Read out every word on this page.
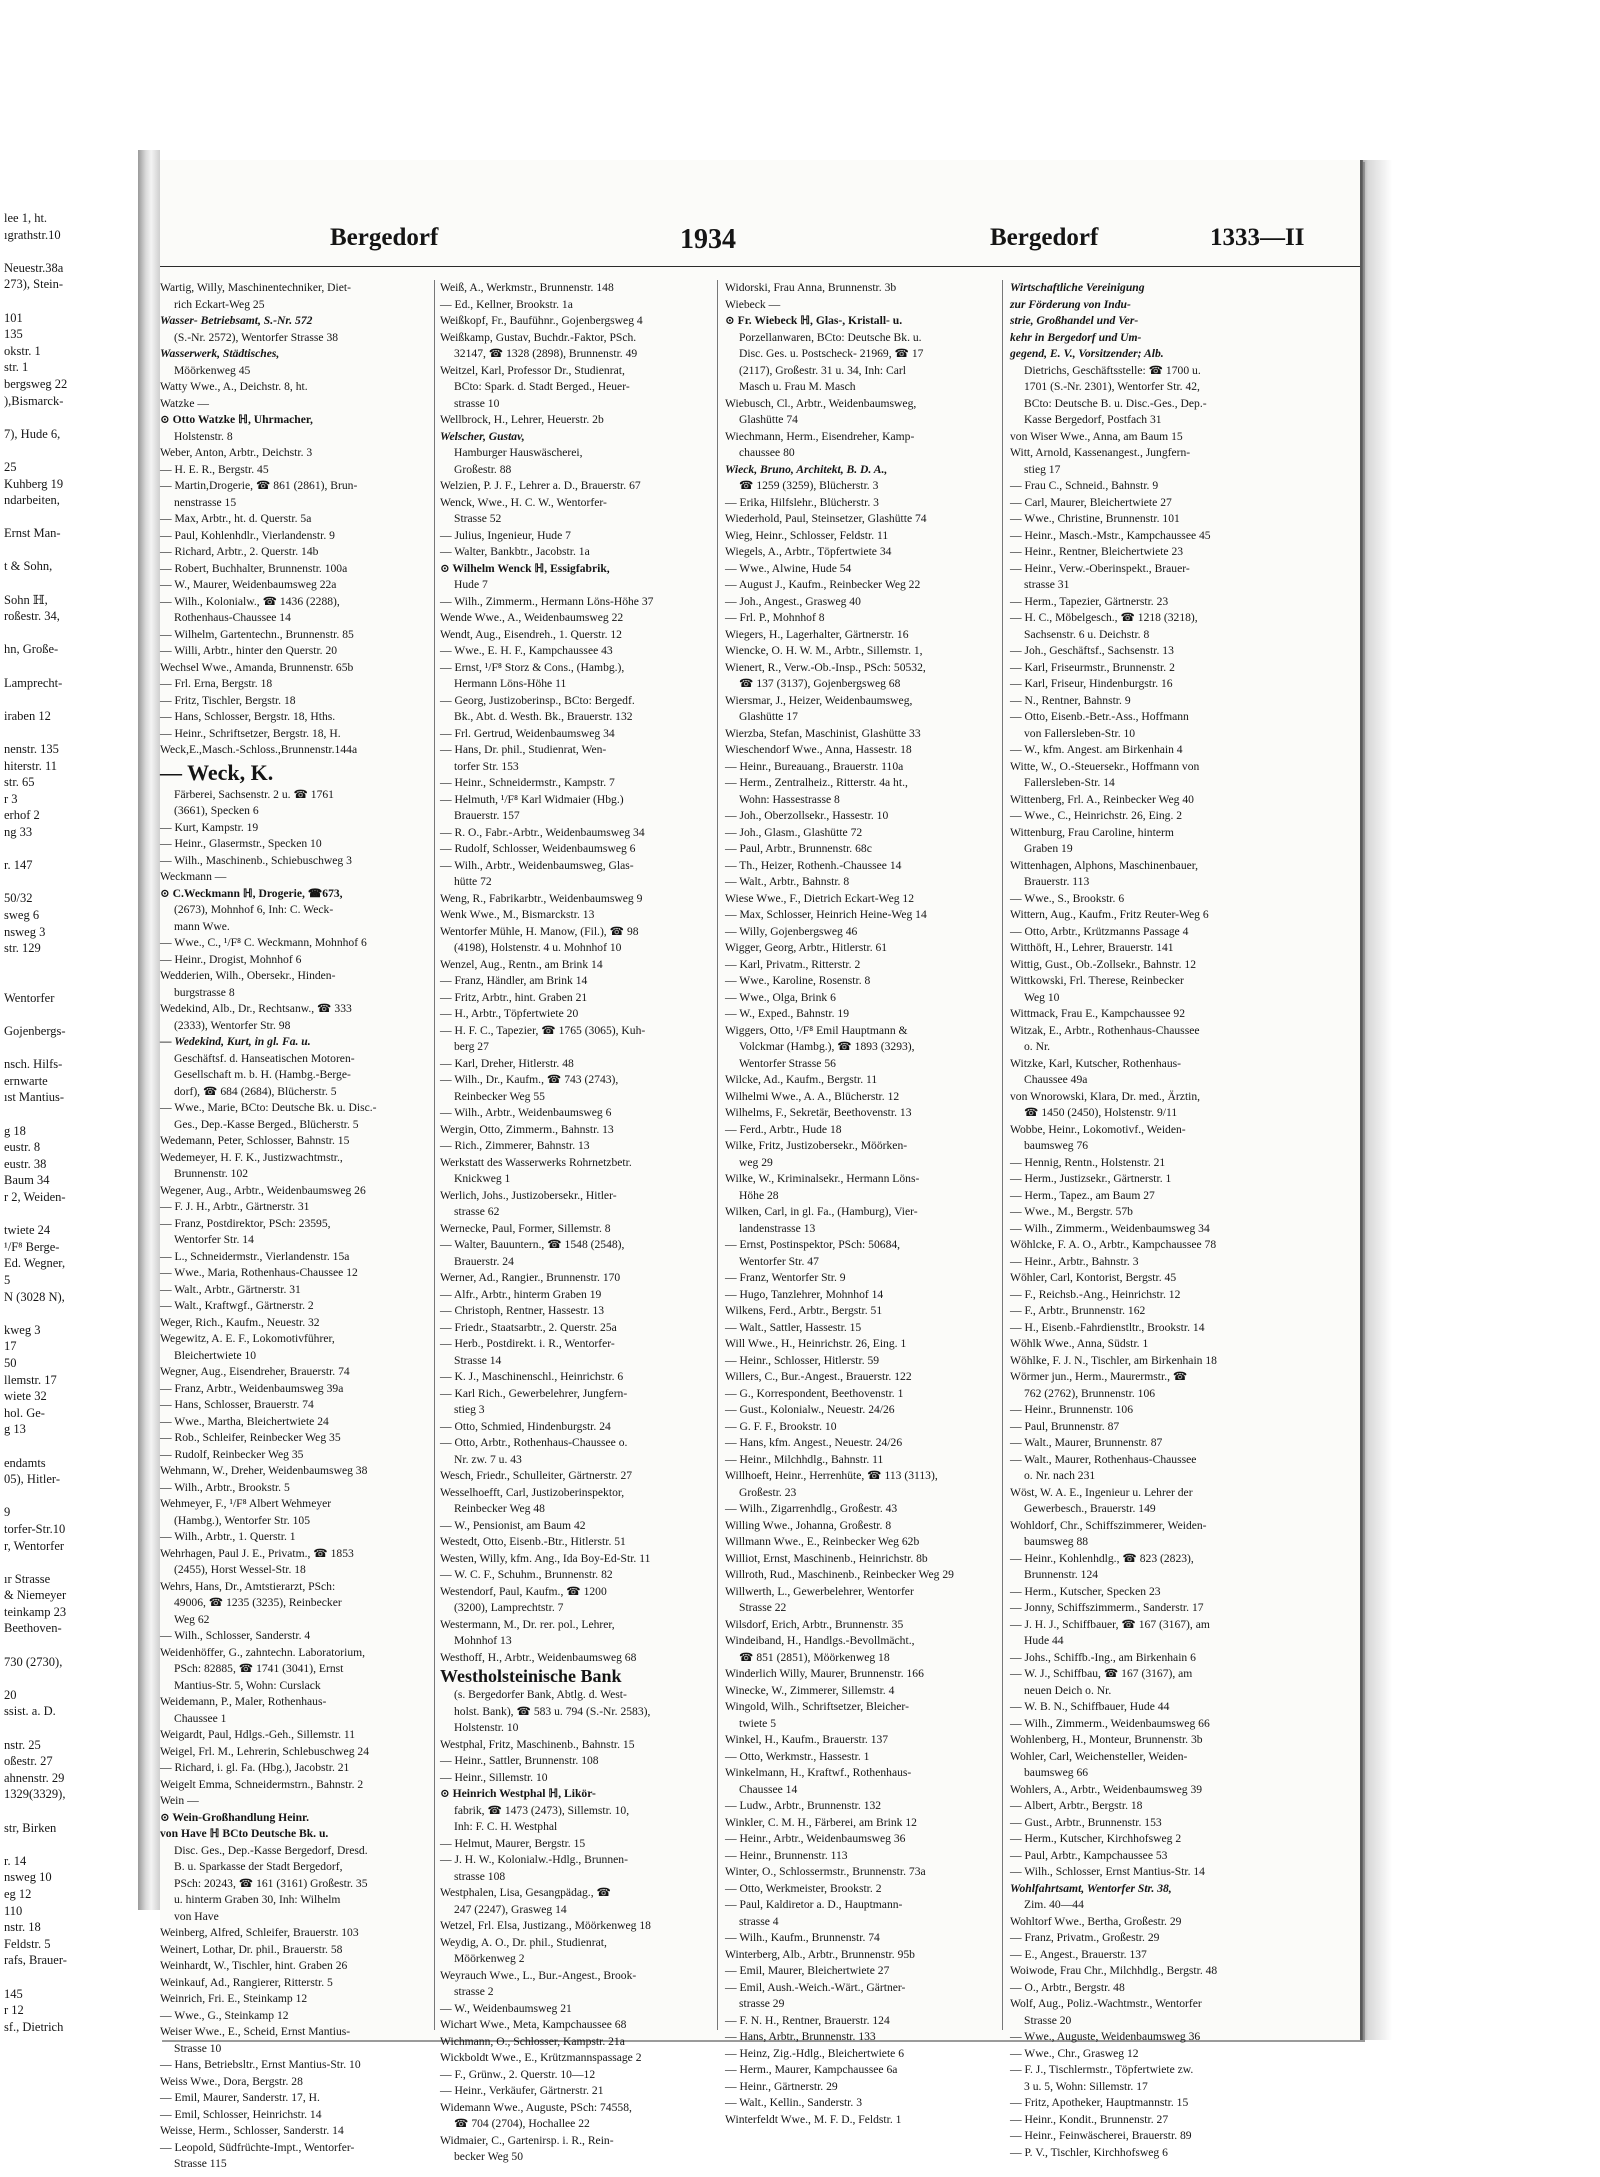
lee 1, ht.
ıgrathstr.10

Neuestr.38a
273), Stein-

101
135
okstr. 1
str. 1
bergsweg 22
),Bismarck-

7), Hude 6,

25
Kuhberg 19
ndarbeiten,

Ernst Man-

t & Sohn,

Sohn ℍ,
roßestr. 34,

hn, Große-

Lamprecht-

iraben 12

nenstr. 135
hiterstr. 11
str. 65
r 3
erhof 2
ng 33

r. 147

50/32
sweg 6
nsweg 3
str. 129

Wentorfer

Gojenbergs-

nsch. Hilfs-
ernwarte
ıst Mantius-

g 18
eustr. 8
eustr. 38
Baum 34
r 2, Weiden-

twiete 24
¹/F⁸ Berge-
Ed. Wegner,
5
N (3028 N),

kweg 3
17
50
llemstr. 17
wiete 32
hol. Ge-
g 13

endamts
05), Hitler-

9
torfer-Str.10
r, Wentorfer

ır Strasse
& Niemeyer
teinkamp 23
Beethoven-

730 (2730),

20
ssist. a. D.

nstr. 25
oßestr. 27
ahnenstr. 29
1329(3329),

str, Birken

r. 14
nsweg 10
eg 12
110
nstr. 18
Feldstr. 5
rafs, Brauer-

145
r 12
sf., Dietrich
Bergedorf	1934	Bergedorf	1333—II
Wartig, Willy, Maschinentechniker, Diet-
rich Eckart-Weg 25
Wasser- Betriebsamt, S.-Nr. 572
(S.-Nr. 2572), Wentorfer Strasse 38
Wasserwerk, Städtisches,
Möörkenweg 45
Watty Wwe., A., Deichstr. 8, ht.
Watzke —
⊙ Otto Watzke ℍ, Uhrmacher,
Holstenstr. 8
Weber, Anton, Arbtr., Deichstr. 3
— H. E. R., Bergstr. 45
— Martin,Drogerie, ☎ 861 (2861), Brun-
nenstrasse 15
— Max, Arbtr., ht. d. Querstr. 5a
— Paul, Kohlenhdlr., Vierlandenstr. 9
— Richard, Arbtr., 2. Querstr. 14b
— Robert, Buchhalter, Brunnenstr. 100a
— W., Maurer, Weidenbaumsweg 22a
— Wilh., Kolonialw., ☎ 1436 (2288),
Rothenhaus-Chaussee 14
— Wilhelm, Gartentechn., Brunnenstr. 85
— Willi, Arbtr., hinter den Querstr. 20
Wechsel Wwe., Amanda, Brunnenstr. 65b
— Frl. Erna, Bergstr. 18
— Fritz, Tischler, Bergstr. 18
— Hans, Schlosser, Bergstr. 18, Hths.
— Heinr., Schriftsetzer, Bergstr. 18, H.
Weck,E.,Masch.-Schloss.,Brunnenstr.144a
— Weck, K.
Färberei, Sachsenstr. 2 u. ☎ 1761
(3661), Specken 6
— Kurt, Kampstr. 19
— Heinr., Glasermstr., Specken 10
— Wilh., Maschinenb., Schiebuschweg 3
Weckmann —
⊙ C.Weckmann ℍ, Drogerie, ☎673,
(2673), Mohnhof 6, Inh: C. Weck-
mann Wwe.
— Wwe., C., ¹/F⁸ C. Weckmann, Mohnhof 6
— Heinr., Drogist, Mohnhof 6
Wedderien, Wilh., Obersekr., Hinden-
burgstrasse 8
Wedekind, Alb., Dr., Rechtsanw., ☎ 333
(2333), Wentorfer Str. 98
— Wedekind, Kurt, in gl. Fa. u.
Geschäftsf. d. Hanseatischen Motoren-
Gesellschaft m. b. H. (Hambg.-Berge-
dorf), ☎ 684 (2684), Blücherstr. 5
— Wwe., Marie, BCto: Deutsche Bk. u. Disc.-
Ges., Dep.-Kasse Berged., Blücherstr. 5
Wedemann, Peter, Schlosser, Bahnstr. 15
Wedemeyer, H. F. K., Justizwachtmstr.,
Brunnenstr. 102
Wegener, Aug., Arbtr., Weidenbaumsweg 26
— F. J. H., Arbtr., Gärtnerstr. 31
— Franz, Postdirektor, PSch: 23595,
Wentorfer Str. 14
— L., Schneidermstr., Vierlandenstr. 15a
— Wwe., Maria, Rothenhaus-Chaussee 12
— Walt., Arbtr., Gärtnerstr. 31
— Walt., Kraftwgf., Gärtnerstr. 2
Weger, Rich., Kaufm., Neuestr. 32
Wegewitz, A. E. F., Lokomotivführer,
Bleichertwiete 10
Wegner, Aug., Eisendreher, Brauerstr. 74
— Franz, Arbtr., Weidenbaumsweg 39a
— Hans, Schlosser, Brauerstr. 74
— Wwe., Martha, Bleichertwiete 24
— Rob., Schleifer, Reinbecker Weg 35
— Rudolf, Reinbecker Weg 35
Wehmann, W., Dreher, Weidenbaumsweg 38
— Wilh., Arbtr., Brookstr. 5
Wehmeyer, F., ¹/F⁸ Albert Wehmeyer
(Hambg.), Wentorfer Str. 105
— Wilh., Arbtr., 1. Querstr. 1
Wehrhagen, Paul J. E., Privatm., ☎ 1853
(2455), Horst Wessel-Str. 18
Wehrs, Hans, Dr., Amtstierarzt, PSch:
49006, ☎ 1235 (3235), Reinbecker
Weg 62
— Wilh., Schlosser, Sanderstr. 4
Weidenhöffer, G., zahntechn. Laboratorium,
PSch: 82885, ☎ 1741 (3041), Ernst
Mantius-Str. 5, Wohn: Curslack
Weidemann, P., Maler, Rothenhaus-
Chaussee 1
Weigardt, Paul, Hdlgs.-Geh., Sillemstr. 11
Weigel, Frl. M., Lehrerin, Schlebuschweg 24
— Richard, i. gl. Fa. (Hbg.), Jacobstr. 21
Weigelt Emma, Schneidermstrn., Bahnstr. 2
Wein —
⊙ Wein-Großhandlung Heinr.
von Have ℍ BCto Deutsche Bk. u.
Disc. Ges., Dep.-Kasse Bergedorf, Dresd.
B. u. Sparkasse der Stadt Bergedorf,
PSch: 20243, ☎ 161 (3161) Großestr. 35
u. hinterm Graben 30, Inh: Wilhelm
von Have
Weinberg, Alfred, Schleifer, Brauerstr. 103
Weinert, Lothar, Dr. phil., Brauerstr. 58
Weinhardt, W., Tischler, hint. Graben 26
Weinkauf, Ad., Rangierer, Ritterstr. 5
Weinrich, Fri. E., Steinkamp 12
— Wwe., G., Steinkamp 12
Weiser Wwe., E., Scheid, Ernst Mantius-
Strasse 10
— Hans, Betriebsltr., Ernst Mantius-Str. 10
Weiss Wwe., Dora, Bergstr. 28
— Emil, Maurer, Sanderstr. 17, H.
— Emil, Schlosser, Heinrichstr. 14
Weisse, Herm., Schlosser, Sanderstr. 14
— Leopold, Südfrüchte-Impt., Wentorfer-
Strasse 115
Weiß, A., Werkmstr., Brunnenstr. 148
— Ed., Kellner, Brookstr. 1a
Weißkopf, Fr., Baufühnr., Gojenbergsweg 4
Weißkamp, Gustav, Buchdr.-Faktor, PSch.
32147, ☎ 1328 (2898), Brunnenstr. 49
Weitzel, Karl, Professor Dr., Studienrat,
BCto: Spark. d. Stadt Berged., Heuer-
strasse 10
Wellbrock, H., Lehrer, Heuerstr. 2b
Welscher, Gustav,
Hamburger Hauswäscherei,
Großestr. 88
Welzien, P. J. F., Lehrer a. D., Brauerstr. 67
Wenck, Wwe., H. C. W., Wentorfer-
Strasse 52
— Julius, Ingenieur, Hude 7
— Walter, Bankbtr., Jacobstr. 1a
⊙ Wilhelm Wenck ℍ, Essigfabrik,
Hude 7
— Wilh., Zimmerm., Hermann Löns-Höhe 37
Wende Wwe., A., Weidenbaumsweg 22
Wendt, Aug., Eisendreh., 1. Querstr. 12
— Wwe., E. H. F., Kampchaussee 43
— Ernst, ¹/F⁸ Storz & Cons., (Hambg.),
Hermann Löns-Höhe 11
— Georg, Justizoberinsp., BCto: Bergedf.
Bk., Abt. d. Westh. Bk., Brauerstr. 132
— Frl. Gertrud, Weidenbaumsweg 34
— Hans, Dr. phil., Studienrat, Wen-
torfer Str. 153
— Heinr., Schneidermstr., Kampstr. 7
— Helmuth, ¹/F⁸ Karl Widmaier (Hbg.)
Brauerstr. 157
— R. O., Fabr.-Arbtr., Weidenbaumsweg 34
— Rudolf, Schlosser, Weidenbaumsweg 6
— Wilh., Arbtr., Weidenbaumsweg, Glas-
hütte 72
Weng, R., Fabrikarbtr., Weidenbaumsweg 9
Wenk Wwe., M., Bismarckstr. 13
Wentorfer Mühle, H. Manow, (Fil.), ☎ 98
(4198), Holstenstr. 4 u. Mohnhof 10
Wenzel, Aug., Rentn., am Brink 14
— Franz, Händler, am Brink 14
— Fritz, Arbtr., hint. Graben 21
— H., Arbtr., Töpfertwiete 20
— H. F. C., Tapezier, ☎ 1765 (3065), Kuh-
berg 27
— Karl, Dreher, Hitlerstr. 48
— Wilh., Dr., Kaufm., ☎ 743 (2743),
Reinbecker Weg 55
— Wilh., Arbtr., Weidenbaumsweg 6
Wergin, Otto, Zimmerm., Bahnstr. 13
— Rich., Zimmerer, Bahnstr. 13
Werkstatt des Wasserwerks Rohrnetzbetr.
Knickweg 1
Werlich, Johs., Justizobersekr., Hitler-
strasse 62
Wernecke, Paul, Former, Sillemstr. 8
— Walter, Bauuntern., ☎ 1548 (2548),
Brauerstr. 24
Werner, Ad., Rangier., Brunnenstr. 170
— Alfr., Arbtr., hinterm Graben 19
— Christoph, Rentner, Hassestr. 13
— Friedr., Staatsarbtr., 2. Querstr. 25a
— Herb., Postdirekt. i. R., Wentorfer-
Strasse 14
— K. J., Maschinenschl., Heinrichstr. 6
— Karl Rich., Gewerbelehrer, Jungfern-
stieg 3
— Otto, Schmied, Hindenburgstr. 24
— Otto, Arbtr., Rothenhaus-Chaussee o.
Nr. zw. 7 u. 43
Wesch, Friedr., Schulleiter, Gärtnerstr. 27
Wesselhoefft, Carl, Justizoberinspektor,
Reinbecker Weg 48
— W., Pensionist, am Baum 42
Westedt, Otto, Eisenb.-Btr., Hitlerstr. 51
Westen, Willy, kfm. Ang., Ida Boy-Ed-Str. 11
— W. C. F., Schuhm., Brunnenstr. 82
Westendorf, Paul, Kaufm., ☎ 1200
(3200), Lamprechtstr. 7
Westermann, M., Dr. rer. pol., Lehrer,
Mohnhof 13
Westhoff, H., Arbtr., Weidenbaumsweg 68
Westholsteinische Bank
(s. Bergedorfer Bank, Abtlg. d. West-
holst. Bank), ☎ 583 u. 794 (S.-Nr. 2583),
Holstenstr. 10
Westphal, Fritz, Maschinenb., Bahnstr. 15
— Heinr., Sattler, Brunnenstr. 108
— Heinr., Sillemstr. 10
⊙ Heinrich Westphal ℍ, Likör-
fabrik, ☎ 1473 (2473), Sillemstr. 10,
Inh: F. C. H. Westphal
— Helmut, Maurer, Bergstr. 15
— J. H. W., Kolonialw.-Hdlg., Brunnen-
strasse 108
Westphalen, Lisa, Gesangpädag., ☎
247 (2247), Grasweg 14
Wetzel, Frl. Elsa, Justizang., Möörkenweg 18
Weydig, A. O., Dr. phil., Studienrat,
Möörkenweg 2
Weyrauch Wwe., L., Bur.-Angest., Brook-
strasse 2
— W., Weidenbaumsweg 21
Wichart Wwe., Meta, Kampchaussee 68
Wichmann, O., Schlosser, Kampstr. 21a
Wickboldt Wwe., E., Krützmannspassage 2
— F., Grünw., 2. Querstr. 10—12
— Heinr., Verkäufer, Gärtnerstr. 21
Widemann Wwe., Auguste, PSch: 74558,
☎ 704 (2704), Hochallee 22
Widmaier, C., Gartenirsp. i. R., Rein-
becker Weg 50
Widorski, Frau Anna, Brunnenstr. 3b
Wiebeck —
⊙ Fr. Wiebeck ℍ, Glas-, Kristall- u.
Porzellanwaren, BCto: Deutsche Bk. u.
Disc. Ges. u. Postscheck- 21969, ☎ 17
(2117), Großestr. 31 u. 34, Inh: Carl
Masch u. Frau M. Masch
Wiebusch, Cl., Arbtr., Weidenbaumsweg,
Glashütte 74
Wiechmann, Herm., Eisendreher, Kamp-
chaussee 80
Wieck, Bruno, Architekt, B. D. A.,
☎ 1259 (3259), Blücherstr. 3
— Erika, Hilfslehr., Blücherstr. 3
Wiederhold, Paul, Steinsetzer, Glashütte 74
Wieg, Heinr., Schlosser, Feldstr. 11
Wiegels, A., Arbtr., Töpfertwiete 34
— Wwe., Alwine, Hude 54
— August J., Kaufm., Reinbecker Weg 22
— Joh., Angest., Grasweg 40
— Frl. P., Mohnhof 8
Wiegers, H., Lagerhalter, Gärtnerstr. 16
Wiencke, O. H. W. M., Arbtr., Sillemstr. 1,
Wienert, R., Verw.-Ob.-Insp., PSch: 50532,
☎ 137 (3137), Gojenbergsweg 68
Wiersmar, J., Heizer, Weidenbaumsweg,
Glashütte 17
Wierzba, Stefan, Maschinist, Glashütte 33
Wieschendorf Wwe., Anna, Hassestr. 18
— Heinr., Bureauang., Brauerstr. 110a
— Herm., Zentralheiz., Ritterstr. 4a ht.,
Wohn: Hassestrasse 8
— Joh., Oberzollsekr., Hassestr. 10
— Joh., Glasm., Glashütte 72
— Paul, Arbtr., Brunnenstr. 68c
— Th., Heizer, Rothenh.-Chaussee 14
— Walt., Arbtr., Bahnstr. 8
Wiese Wwe., F., Dietrich Eckart-Weg 12
— Max, Schlosser, Heinrich Heine-Weg 14
— Willy, Gojenbergsweg 46
Wigger, Georg, Arbtr., Hitlerstr. 61
— Karl, Privatm., Ritterstr. 2
— Wwe., Karoline, Rosenstr. 8
— Wwe., Olga, Brink 6
— W., Exped., Bahnstr. 19
Wiggers, Otto, ¹/F⁸ Emil Hauptmann &
Volckmar (Hambg.), ☎ 1893 (3293),
Wentorfer Strasse 56
Wilcke, Ad., Kaufm., Bergstr. 11
Wilhelmi Wwe., A. A., Blücherstr. 12
Wilhelms, F., Sekretär, Beethovenstr. 13
— Ferd., Arbtr., Hude 18
Wilke, Fritz, Justizobersekr., Möörken-
weg 29
Wilke, W., Kriminalsekr., Hermann Löns-
Höhe 28
Wilken, Carl, in gl. Fa., (Hamburg), Vier-
landenstrasse 13
— Ernst, Postinspektor, PSch: 50684,
Wentorfer Str. 47
— Franz, Wentorfer Str. 9
— Hugo, Tanzlehrer, Mohnhof 14
Wilkens, Ferd., Arbtr., Bergstr. 51
— Walt., Sattler, Hassestr. 15
Will Wwe., H., Heinrichstr. 26, Eing. 1
— Heinr., Schlosser, Hitlerstr. 59
Willers, C., Bur.-Angest., Brauerstr. 122
— G., Korrespondent, Beethovenstr. 1
— Gust., Kolonialw., Neuestr. 24/26
— G. F. F., Brookstr. 10
— Hans, kfm. Angest., Neuestr. 24/26
— Heinr., Milchhdlg., Bahnstr. 11
Willhoeft, Heinr., Herrenhüte, ☎ 113 (3113),
Großestr. 23
— Wilh., Zigarrenhdlg., Großestr. 43
Willing Wwe., Johanna, Großestr. 8
Willmann Wwe., E., Reinbecker Weg 62b
Williot, Ernst, Maschinenb., Heinrichstr. 8b
Willroth, Rud., Maschinenb., Reinbecker Weg 29
Willwerth, L., Gewerbelehrer, Wentorfer
Strasse 22
Wilsdorf, Erich, Arbtr., Brunnenstr. 35
Windeiband, H., Handlgs.-Bevollmächt.,
☎ 851 (2851), Möörkenweg 18
Winderlich Willy, Maurer, Brunnenstr. 166
Winecke, W., Zimmerer, Sillemstr. 4
Wingold, Wilh., Schriftsetzer, Bleicher-
twiete 5
Winkel, H., Kaufm., Brauerstr. 137
— Otto, Werkmstr., Hassestr. 1
Winkelmann, H., Kraftwf., Rothenhaus-
Chaussee 14
— Ludw., Arbtr., Brunnenstr. 132
Winkler, C. M. H., Färberei, am Brink 12
— Heinr., Arbtr., Weidenbaumsweg 36
— Heinr., Brunnenstr. 113
Winter, O., Schlossermstr., Brunnenstr. 73a
— Otto, Werkmeister, Brookstr. 2
— Paul, Kaldiretor a. D., Hauptmann-
strasse 4
— Wilh., Kaufm., Brunnenstr. 74
Winterberg, Alb., Arbtr., Brunnenstr. 95b
— Emil, Maurer, Bleichertwiete 27
— Emil, Aush.-Weich.-Wärt., Gärtner-
strasse 29
— F. N. H., Rentner, Brauerstr. 124
— Hans, Arbtr., Brunnenstr. 133
— Heinz, Zig.-Hdlg., Bleichertwiete 6
— Herm., Maurer, Kampchaussee 6a
— Heinr., Gärtnerstr. 29
— Walt., Kellin., Sanderstr. 3
Winterfeldt Wwe., M. F. D., Feldstr. 1
Wirtschaftliche Vereinigung
zur Förderung von Indu-
strie, Großhandel und Ver-
kehr in Bergedorf und Um-
gegend, E. V., Vorsitzender; Alb.
Dietrichs, Geschäftsstelle: ☎ 1700 u.
1701 (S.-Nr. 2301), Wentorfer Str. 42,
BCto: Deutsche B. u. Disc.-Ges., Dep.-
Kasse Bergedorf, Postfach 31
von Wiser Wwe., Anna, am Baum 15
Witt, Arnold, Kassenangest., Jungfern-
stieg 17
— Frau C., Schneid., Bahnstr. 9
— Carl, Maurer, Bleichertwiete 27
— Wwe., Christine, Brunnenstr. 101
— Heinr., Masch.-Mstr., Kampchaussee 45
— Heinr., Rentner, Bleichertwiete 23
— Heinr., Verw.-Oberinspekt., Brauer-
strasse 31
— Herm., Tapezier, Gärtnerstr. 23
— H. C., Möbelgesch., ☎ 1218 (3218),
Sachsenstr. 6 u. Deichstr. 8
— Joh., Geschäftsf., Sachsenstr. 13
— Karl, Friseurmstr., Brunnenstr. 2
— Karl, Friseur, Hindenburgstr. 16
— N., Rentner, Bahnstr. 9
— Otto, Eisenb.-Betr.-Ass., Hoffmann
von Fallersleben-Str. 10
— W., kfm. Angest. am Birkenhain 4
Witte, W., O.-Steuersekr., Hoffmann von
Fallersleben-Str. 14
Wittenberg, Frl. A., Reinbecker Weg 40
— Wwe., C., Heinrichstr. 26, Eing. 2
Wittenburg, Frau Caroline, hinterm
Graben 19
Wittenhagen, Alphons, Maschinenbauer,
Brauerstr. 113
— Wwe., S., Brookstr. 6
Wittern, Aug., Kaufm., Fritz Reuter-Weg 6
— Otto, Arbtr., Krützmanns Passage 4
Witthöft, H., Lehrer, Brauerstr. 141
Wittig, Gust., Ob.-Zollsekr., Bahnstr. 12
Wittkowski, Frl. Therese, Reinbecker
Weg 10
Wittmack, Frau E., Kampchaussee 92
Witzak, E., Arbtr., Rothenhaus-Chaussee
o. Nr.
Witzke, Karl, Kutscher, Rothenhaus-
Chaussee 49a
von Wnorowski, Klara, Dr. med., Ärztin,
☎ 1450 (2450), Holstenstr. 9/11
Wobbe, Heinr., Lokomotivf., Weiden-
baumsweg 76
— Hennig, Rentn., Holstenstr. 21
— Herm., Justizsekr., Gärtnerstr. 1
— Herm., Tapez., am Baum 27
— Wwe., M., Bergstr. 57b
— Wilh., Zimmerm., Weidenbaumsweg 34
Wöhlcke, F. A. O., Arbtr., Kampchaussee 78
— Heinr., Arbtr., Bahnstr. 3
Wöhler, Carl, Kontorist, Bergstr. 45
— F., Reichsb.-Ang., Heinrichstr. 12
— F., Arbtr., Brunnenstr. 162
— H., Eisenb.-Fahrdienstltr., Brookstr. 14
Wöhlk Wwe., Anna, Südstr. 1
Wöhlke, F. J. N., Tischler, am Birkenhain 18
Wörmer jun., Herm., Maurermstr., ☎
762 (2762), Brunnenstr. 106
— Heinr., Brunnenstr. 106
— Paul, Brunnenstr. 87
— Walt., Maurer, Brunnenstr. 87
— Walt., Maurer, Rothenhaus-Chaussee
o. Nr. nach 231
Wöst, W. A. E., Ingenieur u. Lehrer der
Gewerbesch., Brauerstr. 149
Wohldorf, Chr., Schiffszimmerer, Weiden-
baumsweg 88
— Heinr., Kohlenhdlg., ☎ 823 (2823),
Brunnenstr. 124
— Herm., Kutscher, Specken 23
— Jonny, Schiffszimmerm., Sanderstr. 17
— J. H. J., Schiffbauer, ☎ 167 (3167), am
Hude 44
— Johs., Schiffb.-Ing., am Birkenhain 6
— W. J., Schiffbau, ☎ 167 (3167), am
neuen Deich o. Nr.
— W. B. N., Schiffbauer, Hude 44
— Wilh., Zimmerm., Weidenbaumsweg 66
Wohlenberg, H., Monteur, Brunnenstr. 3b
Wohler, Carl, Weichensteller, Weiden-
baumsweg 66
Wohlers, A., Arbtr., Weidenbaumsweg 39
— Albert, Arbtr., Bergstr. 18
— Gust., Arbtr., Brunnenstr. 153
— Herm., Kutscher, Kirchhofsweg 2
— Paul, Arbtr., Kampchaussee 53
— Wilh., Schlosser, Ernst Mantius-Str. 14
Wohlfahrtsamt, Wentorfer Str. 38,
Zim. 40—44
Wohltorf Wwe., Bertha, Großestr. 29
— Franz, Privatm., Großestr. 29
— E., Angest., Brauerstr. 137
Woiwode, Frau Chr., Milchhdlg., Bergstr. 48
— O., Arbtr., Bergstr. 48
Wolf, Aug., Poliz.-Wachtmstr., Wentorfer
Strasse 20
— Wwe., Auguste, Weidenbaumsweg 36
— Wwe., Chr., Grasweg 12
— F. J., Tischlermstr., Töpfertwiete zw.
3 u. 5, Wohn: Sillemstr. 17
— Fritz, Apotheker, Hauptmannstr. 15
— Heinr., Kondit., Brunnenstr. 27
— Heinr., Feinwäscherei, Brauerstr. 89
— P. V., Tischler, Kirchhofsweg 6
